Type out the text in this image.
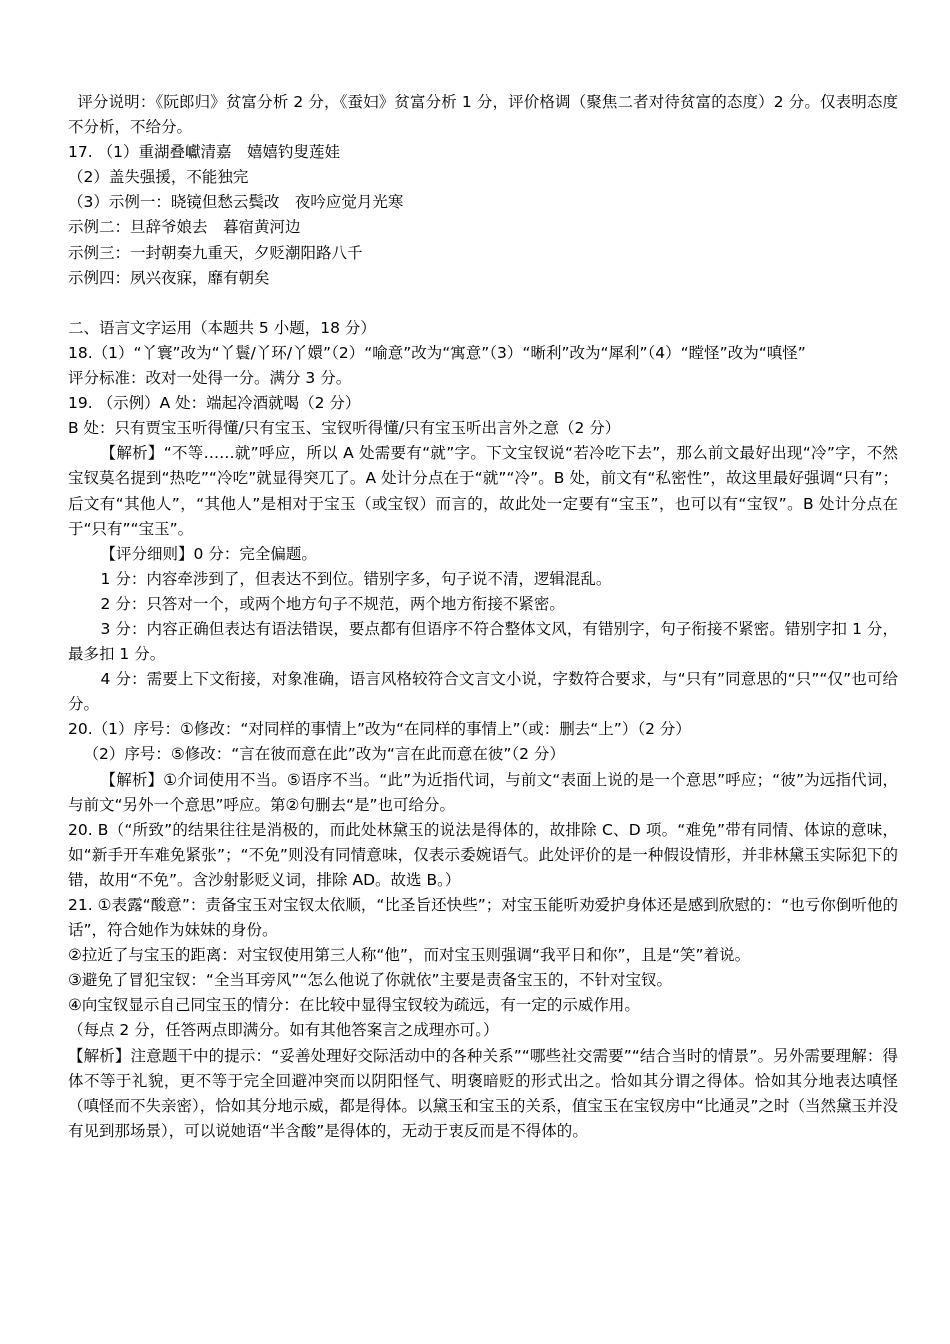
评分说明：《阮郎归》贫富分析 2 分，《蚕妇》贫富分析 1 分，评价格调（聚焦二者对待贫富的态度）2 分。仅表明态度不分析，不给分。

17. （1）重湖叠巘清嘉　嬉嬉钓叟莲娃

（2）盖失强援，不能独完

（3）示例一：晓镜但愁云鬓改　夜吟应觉月光寒

示例二：旦辞爷娘去　暮宿黄河边

示例三：一封朝奏九重天，夕贬潮阳路八千

示例四：夙兴夜寐，靡有朝矣

二、语言文字运用（本题共 5 小题，18 分）

18.（1）“丫寰”改为“丫鬟/丫环/丫嬛”（2）“喻意”改为“寓意”（3）“晰利”改为“犀利”（4）“瞠怪”改为“嗔怪”

评分标准：改对一处得一分。满分 3 分。

19. （示例）A 处：端起冷酒就喝（2 分）

B 处：只有贾宝玉听得懂/只有宝玉、宝钗听得懂/只有宝玉听出言外之意（2 分）

【解析】“不等……就”呼应，所以 A 处需要有“就”字。下文宝钗说“若冷吃下去”，那么前文最好出现“冷”字，不然宝钗莫名提到“热吃”“冷吃”就显得突兀了。A 处计分点在于“就”“冷”。B 处，前文有“私密性”，故这里最好强调“只有”；后文有“其他人”，“其他人”是相对于宝玉（或宝钗）而言的，故此处一定要有“宝玉”，也可以有“宝钗”。B 处计分点在于“只有”“宝玉”。

【评分细则】0 分：完全偏题。

1 分：内容牵涉到了，但表达不到位。错别字多，句子说不清，逻辑混乱。

2 分：只答对一个，或两个地方句子不规范，两个地方衔接不紧密。

3 分：内容正确但表达有语法错误，要点都有但语序不符合整体文风，有错别字，句子衔接不紧密。错别字扣 1 分，最多扣 1 分。

4 分：需要上下文衔接，对象准确，语言风格较符合文言文小说，字数符合要求，与“只有”同意思的“只”“仅”也可给分。

20.（1）序号：①修改：“对同样的事情上”改为“在同样的事情上”（或：删去“上”）（2 分）

（2）序号：⑤修改：“言在彼而意在此”改为“言在此而意在彼”（2 分）

【解析】①介词使用不当。⑤语序不当。“此”为近指代词，与前文“表面上说的是一个意思”呼应；“彼”为远指代词，与前文“另外一个意思”呼应。第②句删去“是”也可给分。

20. B（“所致”的结果往往是消极的，而此处林黛玉的说法是得体的，故排除 C、D 项。“难免”带有同情、体谅的意味，如“新手开车难免紧张”；“不免”则没有同情意味，仅表示委婉语气。此处评价的是一种假设情形，并非林黛玉实际犯下的错，故用“不免”。含沙射影贬义词，排除 AD。故选 B。）

21. ①表露“酸意”：责备宝玉对宝钗太依顺，“比圣旨还快些”；对宝玉能听劝爱护身体还是感到欣慰的：“也亏你倒听他的话”，符合她作为妹妹的身份。

②拉近了与宝玉的距离：对宝钗使用第三人称“他”，而对宝玉则强调“我平日和你”，且是“笑”着说。

③避免了冒犯宝钗：“全当耳旁风”“怎么他说了你就依”主要是责备宝玉的，不针对宝钗。

④向宝钗显示自己同宝玉的情分：在比较中显得宝钗较为疏远，有一定的示威作用。

（每点 2 分，任答两点即满分。如有其他答案言之成理亦可。）

【解析】注意题干中的提示：“妥善处理好交际活动中的各种关系”“哪些社交需要”“结合当时的情景”。另外需要理解：得体不等于礼貌，更不等于完全回避冲突而以阴阳怪气、明褒暗贬的形式出之。恰如其分谓之得体。恰如其分地表达嗔怪（嗔怪而不失亲密），恰如其分地示威，都是得体。以黛玉和宝玉的关系，值宝玉在宝钗房中“比通灵”之时（当然黛玉并没有见到那场景），可以说她语“半含酸”是得体的，无动于衷反而是不得体的。
